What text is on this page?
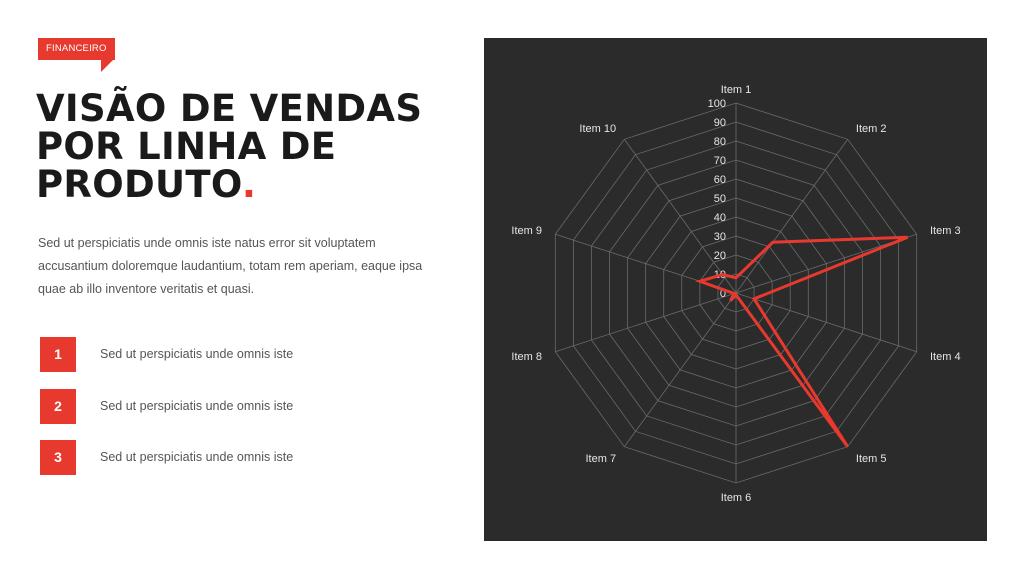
FINANCEIRO
VISÃO DE VENDAS
POR LINHA DE
PRODUTO.
Sed ut perspiciatis unde omnis iste natus error sit voluptatem accusantium doloremque laudantium, totam rem aperiam, eaque ipsa quae ab illo inventore veritatis et quasi.
1	Sed ut perspiciatis unde omnis iste
2	Sed ut perspiciatis unde omnis iste
3	Sed ut perspiciatis unde omnis iste
0
10
20
30
40
50
60
70
80
90
100
Item 1
Item 2
Item 3
Item 4
Item 5
Item 6
Item 7
Item 8
Item 9
Item 10
